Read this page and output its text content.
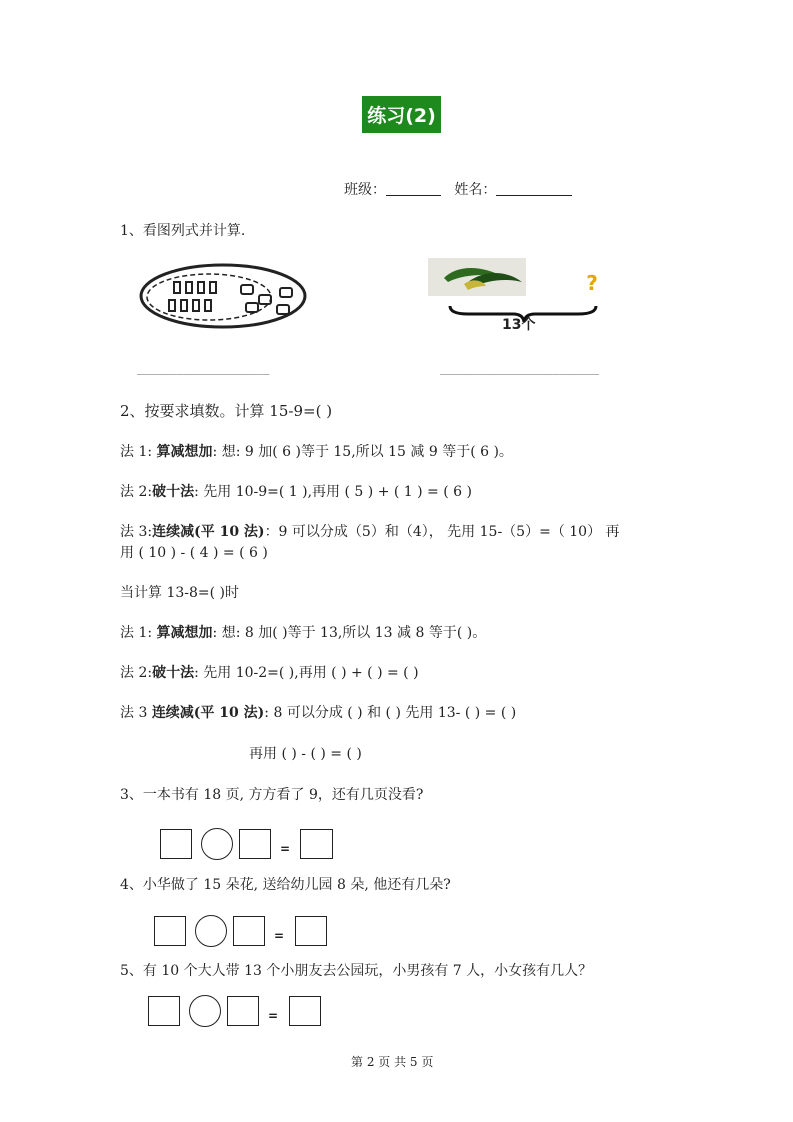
练习(2)
班级：	姓名：
1、看图列式并计算.
?
13个
____________________	________________________
2、按要求填数。计算 15-9=( )
法 1: 算减想加: 想: 9 加( 6 )等于 15,所以 15 减 9 等于( 6 )。
法 2:破十法: 先用 10-9=( 1 ),再用 ( 5 ) + ( 1 ) = ( 6 )
法 3:连续减(平 10 法)：9 可以分成（5）和（4）， 先用 15-（5）=（ 10） 再
用 ( 10 ) - ( 4 ) = ( 6 )
当计算 13-8=( )时
法 1: 算减想加: 想: 8 加( )等于 13,所以 13 减 8 等于( )。
法 2:破十法: 先用 10-2=( ),再用 ( ) + ( ) = ( )
法 3 连续减(平 10 法): 8 可以分成 ( ) 和 ( ) 先用 13- ( ) = ( )
再用 ( ) - ( ) = ( )
3、一本书有 18 页, 方方看了 9，还有几页没看?
=
4、小华做了 15 朵花, 送给幼儿园 8 朵, 他还有几朵?
=
5、有 10 个大人带 13 个小朋友去公园玩，小男孩有 7 人，小女孩有几人？
=
第 2 页 共 5 页
